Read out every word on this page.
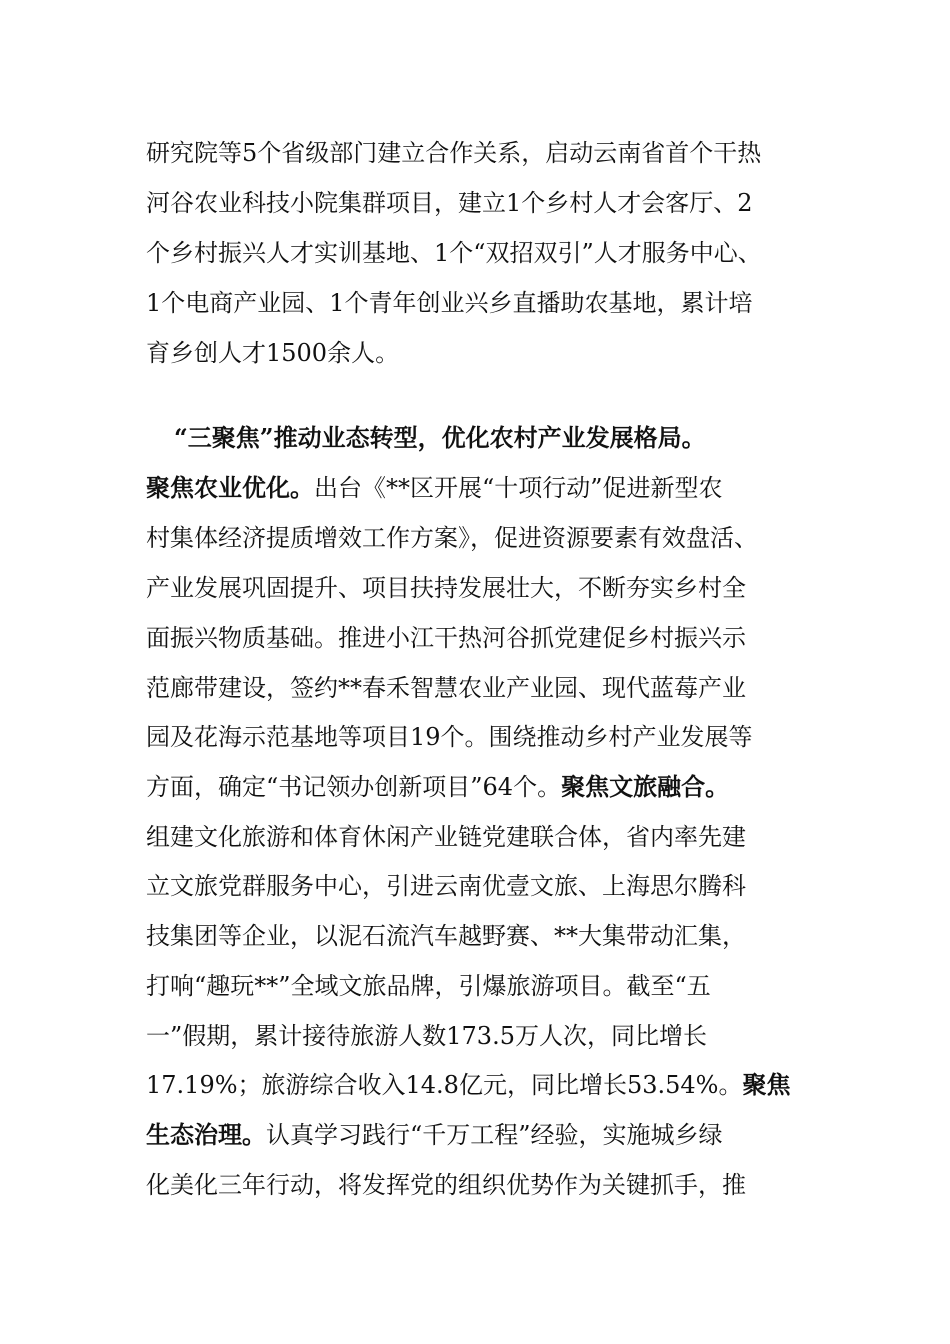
研究院等5个省级部门建立合作关系，启动云南省首个干热
河谷农业科技小院集群项目，建立1个乡村人才会客厅、2
个乡村振兴人才实训基地、1个“双招双引”人才服务中心、
1个电商产业园、1个青年创业兴乡直播助农基地，累计培
育乡创人才1500余人。
“三聚焦”推动业态转型，优化农村产业发展格局。
聚焦农业优化。出台《**区开展“十项行动”促进新型农
村集体经济提质增效工作方案》，促进资源要素有效盘活、
产业发展巩固提升、项目扶持发展壮大，不断夯实乡村全
面振兴物质基础。推进小江干热河谷抓党建促乡村振兴示
范廊带建设，签约**春禾智慧农业产业园、现代蓝莓产业
园及花海示范基地等项目19个。围绕推动乡村产业发展等
方面，确定“书记领办创新项目”64个。聚焦文旅融合。
组建文化旅游和体育休闲产业链党建联合体，省内率先建
立文旅党群服务中心，引进云南优壹文旅、上海思尔腾科
技集团等企业，以泥石流汽车越野赛、**大集带动汇集，
打响“趣玩**”全域文旅品牌，引爆旅游项目。截至“五
一”假期，累计接待旅游人数173.5万人次，同比增长
17.19%；旅游综合收入14.8亿元，同比增长53.54%。聚焦
生态治理。认真学习践行“千万工程”经验，实施城乡绿
化美化三年行动，将发挥党的组织优势作为关键抓手，推
